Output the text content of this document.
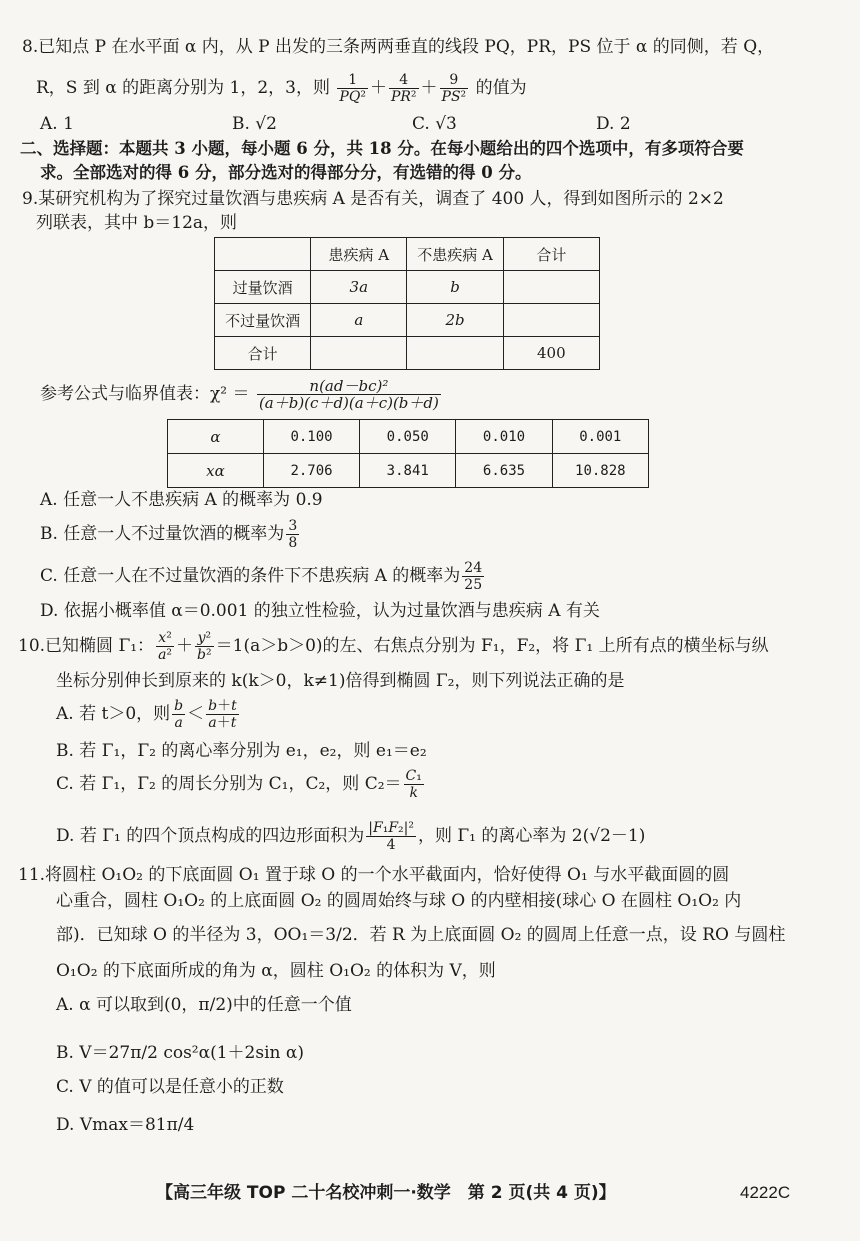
8.已知点 P 在水平面 α 内，从 P 出发的三条两两垂直的线段 PQ，PR，PS 位于 α 的同侧，若 Q，
R，S 到 α 的距离分别为 1，2，3，则 $\frac{1}{\text{PQ²}} + \frac{4}{\text{PR²}} + \frac{9}{\text{PS²}}$ 的值为
A. 1	B. √2	C. √3	D. 2
二、选择题：本题共 3 小题，每小题 6 分，共 18 分。在每小题给出的四个选项中，有多项符合要
求。全部选对的得 6 分，部分选对的得部分分，有选错的得 0 分。
9.某研究机构为了探究过量饮酒与患疾病 A 是否有关，调查了 400 人，得到如图所示的 2×2
列联表，其中 b＝12a，则
	患疾病 A	不患疾病 A	合计
过量饮酒	3a	b	
不过量饮酒	a	2b	
合计			400
参考公式与临界值表：$\chi^2 = \frac{\text{n(ad－bc)²}}{(a+b)(c+d)(a+c)(b+d)}$
α	0.100	0.050	0.010	0.001
xα	2.706	3.841	6.635	10.828
A. 任意一人不患疾病 A 的概率为 0.9
B. 任意一人不过量饮酒的概率为 $\frac{3}{8}$
C. 任意一人在不过量饮酒的条件下不患疾病 A 的概率为 $\frac{24}{25}$
D. 依据小概率值 α＝0.001 的独立性检验，认为过量饮酒与患疾病 A 有关
10.已知椭圆 Γ₁： $\frac{\text{x²}}{\text{a²}} + \frac{\text{y²}}{\text{b²}} =1(a>b>0)$的左、右焦点分别为 F₁，F₂，将 Γ₁ 上所有点的横坐标与纵
坐标分别伸长到原来的 k(k＞0，k≠1)倍得到椭圆 Γ₂，则下列说法正确的是
A. 若 t＞0，则 $\frac{b}{a} < \frac{b+t}{a+t}$
B. 若 Γ₁，Γ₂ 的离心率分别为 e₁，e₂，则 e₁＝e₂
C. 若 Γ₁，Γ₂ 的周长分别为 C₁，C₂，则 $C_2= \frac{\text{C₁}}{k}$
D. 若 Γ₁ 的四个顶点构成的四边形面积为 $\frac{\text{|F₁F₂|²}}{4}$ ，则 Γ₁ 的离心率为 2(√2－1)
11.将圆柱 O₁O₂ 的下底面圆 O₁ 置于球 O 的一个水平截面内，恰好使得 O₁ 与水平截面圆的圆
心重合，圆柱 O₁O₂ 的上底面圆 O₂ 的圆周始终与球 O 的内壁相接(球心 O 在圆柱 O₁O₂ 内
部)．已知球 O 的半径为 3，OO₁＝3/2．若 R 为上底面圆 O₂ 的圆周上任意一点，设 RO 与圆柱
O₁O₂ 的下底面所成的角为 α，圆柱 O₁O₂ 的体积为 V，则
A. α 可以取到(0，π/2)中的任意一个值
B. V＝27π/2 cos²α(1＋2sin α)
C. V 的值可以是任意小的正数
D. Vmax＝81π/4
【高三年级 TOP 二十名校冲刺一·数学　第 2 页(共 4 页)】	4222C
